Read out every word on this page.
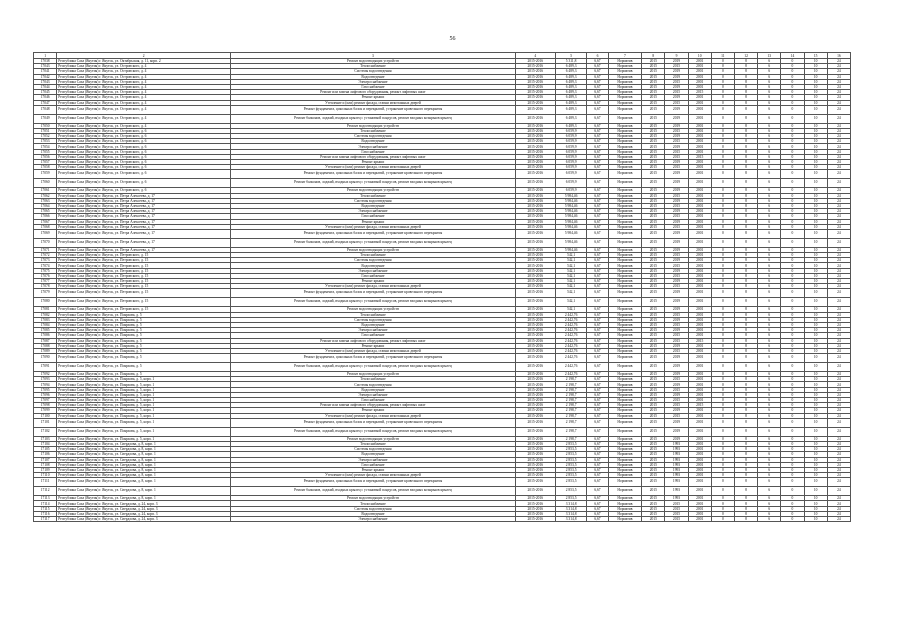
56
1	2	3	4	5	6	7	8	9	10	11	12	13	14	15	16
17038	Республика Саха (Якутия) г. Якутск, ул. Октябрьская, д. 11, корп. 2	Ремонт водоотводящих устройств	2015-2016	5 311,8	6,67	Норматив	2015	2019	2001	0	8	6	0	10	24
17043	Республика Саха (Якутия) г. Якутск, ул. Островского, д. 4	Теплоснабжение	2015-2016	6 489,3	6,67	Норматив	2015	2015	2001	0	8	6	0	10	24
17041	Республика Саха (Якутия) г. Якутск, ул. Островского, д. 4	Системы водоотведения	2015-2016	6 489,3	6,67	Норматив	2015	2019	2001	0	8	6	0	10	24
17042	Республика Саха (Якутия) г. Якутск, ул. Островского, д. 4	Водоотведение	2015-2016	6 489,3	6,67	Норматив	2015	2019	2001	0	8	6	0	10	24
17043	Республика Саха (Якутия) г. Якутск, ул. Островского, д. 4	Электроснабжение	2015-2016	6 489,3	6,67	Норматив	2015	2015	2001	0	8	6	0	10	24
17044	Республика Саха (Якутия) г. Якутск, ул. Островского, д. 4	Газоснабжение	2015-2016	6 489,3	6,67	Норматив	2015	2019	2001	0	8	6	0	10	24
17045	Республика Саха (Якутия) г. Якутск, ул. Островского, д. 4	Ремонт или замена лифтового оборудования, ремонт лифтовых шахт	2015-2016	6 489,3	6,67	Норматив	2015	2015	2015	0	8	6	0	10	24
17046	Республика Саха (Якутия) г. Якутск, ул. Островского, д. 4	Ремонт крыши	2015-2016	6 489,3	6,67	Норматив	2015	2019	2001	0	8	6	0	10	24
17047	Республика Саха (Якутия) г. Якутск, ул. Островского, д. 4	Утепление и (или) ремонт фасада, ставни межэтажных дверей	2015-2016	6 489,3	6,67	Норматив	2015	2015	2001	0	8	6	0	10	24
17048	Республика Саха (Якутия) г. Якутск, ул. Островского, д. 4	Ремонт фундамента, цокольных балок и перекрытий, устранение кровельного перекрытия	2015-2016	6 489,3	6,67	Норматив	2015	2019	2001	0	8	6	0	10	24
17049	Республика Саха (Якутия) г. Якутск, ул. Островского, д. 4	Ремонт балконов, лоджий, входных крылец с установкой пандусов, ремонт входных козырьков крылец	2015-2016	6 489,3	6,67	Норматив	2015	2019	2001	0	8	6	0	10	24
17050	Республика Саха (Якутия) г. Якутск, ул. Островского, д. 4	Ремонт водоотводящих устройств	2015-2016	6 489,3	6,67	Норматив	2015	2019	2001	0	8	6	0	10	24
17051	Республика Саха (Якутия) г. Якутск, ул. Островского, д. 6	Теплоснабжение	2015-2016	6 059,9	6,67	Норматив	2015	2015	2001	0	8	6	0	10	24
17052	Республика Саха (Якутия) г. Якутск, ул. Островского, д. 6	Системы водоотведения	2015-2016	6 059,9	6,67	Норматив	2015	2019	2001	0	8	6	0	10	24
17053	Республика Саха (Якутия) г. Якутск, ул. Островского, д. 6	Водоотведение	2015-2016	6 059,9	6,67	Норматив	2015	2015	2001	0	8	6	0	10	24
17054	Республика Саха (Якутия) г. Якутск, ул. Островского, д. 6	Электроснабжение	2015-2016	6 059,9	6,67	Норматив	2015	2019	2001	0	8	6	0	10	24
17055	Республика Саха (Якутия) г. Якутск, ул. Островского, д. 6	Газоснабжение	2015-2016	6 059,9	6,67	Норматив	2015	2015	2001	0	8	6	0	10	24
17056	Республика Саха (Якутия) г. Якутск, ул. Островского, д. 6	Ремонт или замена лифтового оборудования, ремонт лифтовых шахт	2015-2016	6 059,9	6,67	Норматив	2015	2015	2015	0	8	6	0	10	24
17057	Республика Саха (Якутия) г. Якутск, ул. Островского, д. 6	Ремонт крыши	2015-2016	6 059,9	6,67	Норматив	2015	2019	2001	0	8	6	0	10	24
17058	Республика Саха (Якутия) г. Якутск, ул. Островского, д. 6	Утепление и (или) ремонт фасада, ставни межэтажных дверей	2015-2016	6 059,9	6,67	Норматив	2015	2015	2001	0	8	6	0	10	24
17059	Республика Саха (Якутия) г. Якутск, ул. Островского, д. 6	Ремонт фундамента, цокольных балок и перекрытий, устранение кровельного перекрытия	2015-2016	6 059,9	6,67	Норматив	2015	2019	2001	0	8	6	0	10	24
17060	Республика Саха (Якутия) г. Якутск, ул. Островского, д. 6	Ремонт балконов, лоджий, входных крылец с установкой пандусов, ремонт входных козырьков крылец	2015-2016	6 059,9	6,67	Норматив	2015	2019	2001	0	8	6	0	10	24
17061	Республика Саха (Якутия) г. Якутск, ул. Островского, д. 6	Ремонт водоотводящих устройств	2015-2016	6 059,9	6,67	Норматив	2015	2019	2001	0	8	6	0	10	24
17062	Республика Саха (Якутия) г. Якутск, ул. Петра Алексеева, д. 17	Теплоснабжение	2015-2016	5 984,46	6,67	Норматив	2015	2015	2001	0	8	6	0	10	24
17063	Республика Саха (Якутия) г. Якутск, ул. Петра Алексеева, д. 17	Системы водоотведения	2015-2016	5 984,46	6,67	Норматив	2015	2019	2001	0	8	6	0	10	24
17064	Республика Саха (Якутия) г. Якутск, ул. Петра Алексеева, д. 17	Водоотведение	2015-2016	5 984,46	6,67	Норматив	2015	2015	2001	0	8	6	0	10	24
17065	Республика Саха (Якутия) г. Якутск, ул. Петра Алексеева, д. 17	Электроснабжение	2015-2016	5 984,46	6,67	Норматив	2015	2019	2001	0	8	6	0	10	24
17066	Республика Саха (Якутия) г. Якутск, ул. Петра Алексеева, д. 17	Газоснабжение	2015-2016	5 984,46	6,67	Норматив	2015	2015	2001	0	8	6	0	10	24
17067	Республика Саха (Якутия) г. Якутск, ул. Петра Алексеева, д. 17	Ремонт крыши	2015-2016	5 984,46	6,67	Норматив	2015	2019	2001	0	8	6	0	10	24
17068	Республика Саха (Якутия) г. Якутск, ул. Петра Алексеева, д. 17	Утепление и (или) ремонт фасада, ставни межэтажных дверей	2015-2016	5 984,46	6,67	Норматив	2015	2015	2001	0	8	6	0	10	24
17069	Республика Саха (Якутия) г. Якутск, ул. Петра Алексеева, д. 17	Ремонт фундамента, цокольных балок и перекрытий, устранение кровельного перекрытия	2015-2016	5 984,46	6,67	Норматив	2015	2019	2001	0	8	6	0	10	24
17070	Республика Саха (Якутия) г. Якутск, ул. Петра Алексеева, д. 17	Ремонт балконов, лоджий, входных крылец с установкой пандусов, ремонт входных козырьков крылец	2015-2016	5 984,46	6,67	Норматив	2015	2019	2001	0	8	6	0	10	24
17071	Республика Саха (Якутия) г. Якутск, ул. Петра Алексеева, д. 17	Ремонт водоотводящих устройств	2015-2016	5 984,46	6,67	Норматив	2015	2019	2001	0	8	6	0	10	24
17072	Республика Саха (Якутия) г. Якутск, ул. Петровского, д. 15	Теплоснабжение	2015-2016	542,1	6,67	Норматив	2015	2015	2001	0	8	6	0	10	24
17073	Республика Саха (Якутия) г. Якутск, ул. Петровского, д. 15	Системы водоотведения	2015-2016	542,1	6,67	Норматив	2015	2019	2001	0	8	6	0	10	24
17074	Республика Саха (Якутия) г. Якутск, ул. Петровского, д. 15	Водоотведение	2015-2016	542,1	6,67	Норматив	2015	2015	2001	0	8	6	0	10	24
17075	Республика Саха (Якутия) г. Якутск, ул. Петровского, д. 15	Электроснабжение	2015-2016	542,1	6,67	Норматив	2015	2019	2001	0	8	6	0	10	24
17076	Республика Саха (Якутия) г. Якутск, ул. Петровского, д. 15	Газоснабжение	2015-2016	542,1	6,67	Норматив	2015	2015	2001	0	8	6	0	10	24
17077	Республика Саха (Якутия) г. Якутск, ул. Петровского, д. 15	Ремонт крыши	2015-2016	542,1	6,67	Норматив	2015	2019	2001	0	8	6	0	10	24
17078	Республика Саха (Якутия) г. Якутск, ул. Петровского, д. 15	Утепление и (или) ремонт фасада, ставни межэтажных дверей	2015-2016	542,1	6,67	Норматив	2015	2015	2001	0	8	6	0	10	24
17079	Республика Саха (Якутия) г. Якутск, ул. Петровского, д. 15	Ремонт фундамента, цокольных балок и перекрытий, устранение кровельного перекрытия	2015-2016	542,1	6,67	Норматив	2015	2019	2001	0	8	6	0	10	24
17080	Республика Саха (Якутия) г. Якутск, ул. Петровского, д. 15	Ремонт балконов, лоджий, входных крылец с установкой пандусов, ремонт входных козырьков крылец	2015-2016	542,1	6,67	Норматив	2015	2019	2001	0	8	6	0	10	24
17081	Республика Саха (Якутия) г. Якутск, ул. Петровского, д. 15	Ремонт водоотводящих устройств	2015-2016	542,1	6,67	Норматив	2015	2019	2001	0	8	6	0	10	24
17082	Республика Саха (Якутия) г. Якутск, ул. Поярхова, д. 5	Теплоснабжение	2015-2016	2 442,76	6,67	Норматив	2015	2015	2001	0	8	6	0	10	24
17083	Республика Саха (Якутия) г. Якутск, ул. Поярхова, д. 5	Системы водоотведения	2015-2016	2 442,76	6,67	Норматив	2015	2019	2001	0	8	6	0	10	24
17084	Республика Саха (Якутия) г. Якутск, ул. Поярхова, д. 5	Водоотведение	2015-2016	2 442,76	6,67	Норматив	2015	2015	2001	0	8	6	0	10	24
17085	Республика Саха (Якутия) г. Якутск, ул. Поярхова, д. 5	Электроснабжение	2015-2016	2 442,76	6,67	Норматив	2015	2019	2001	0	8	6	0	10	24
17086	Республика Саха (Якутия) г. Якутск, ул. Поярхова, д. 5	Газоснабжение	2015-2016	2 442,76	6,67	Норматив	2015	2015	2001	0	8	6	0	10	24
17087	Республика Саха (Якутия) г. Якутск, ул. Поярхова, д. 5	Ремонт или замена лифтового оборудования, ремонт лифтовых шахт	2015-2016	2 442,76	6,67	Норматив	2015	2015	2015	0	8	6	0	10	24
17088	Республика Саха (Якутия) г. Якутск, ул. Поярхова, д. 5	Ремонт крыши	2015-2016	2 442,76	6,67	Норматив	2015	2019	2001	0	8	6	0	10	24
17089	Республика Саха (Якутия) г. Якутск, ул. Поярхова, д. 5	Утепление и (или) ремонт фасада, ставни межэтажных дверей	2015-2016	2 442,76	6,67	Норматив	2015	2015	2001	0	8	6	0	10	24
17090	Республика Саха (Якутия) г. Якутск, ул. Поярхова, д. 5	Ремонт фундамента, цокольных балок и перекрытий, устранение кровельного перекрытия	2015-2016	2 442,76	6,67	Норматив	2015	2019	2001	0	8	6	0	10	24
17091	Республика Саха (Якутия) г. Якутск, ул. Поярхова, д. 5	Ремонт балконов, лоджий, входных крылец с установкой пандусов, ремонт входных козырьков крылец	2015-2016	2 442,76	6,67	Норматив	2015	2019	2001	0	8	6	0	10	24
17092	Республика Саха (Якутия) г. Якутск, ул. Поярхова, д. 5	Ремонт водоотводящих устройств	2015-2016	2 442,76	6,67	Норматив	2015	2019	2001	0	8	6	0	10	24
17093	Республика Саха (Якутия) г. Якутск, ул. Поярхова, д. 5, корп. 1	Теплоснабжение	2015-2016	2 198,7	6,67	Норматив	2015	2015	2001	0	8	6	0	10	24
17094	Республика Саха (Якутия) г. Якутск, ул. Поярхова, д. 5, корп. 1	Системы водоотведения	2015-2016	2 198,7	6,67	Норматив	2015	2019	2001	0	8	6	0	10	24
17095	Республика Саха (Якутия) г. Якутск, ул. Поярхова, д. 5, корп. 1	Водоотведение	2015-2016	2 198,7	6,67	Норматив	2015	2015	2001	0	8	6	0	10	24
17096	Республика Саха (Якутия) г. Якутск, ул. Поярхова, д. 5, корп. 1	Электроснабжение	2015-2016	2 198,7	6,67	Норматив	2015	2019	2001	0	8	6	0	10	24
17097	Республика Саха (Якутия) г. Якутск, ул. Поярхова, д. 5, корп. 1	Газоснабжение	2015-2016	2 198,7	6,67	Норматив	2015	2015	2001	0	8	6	0	10	24
17098	Республика Саха (Якутия) г. Якутск, ул. Поярхова, д. 5, корп. 1	Ремонт или замена лифтового оборудования, ремонт лифтовых шахт	2015-2016	2 198,7	6,67	Норматив	2015	2015	2015	0	8	6	0	10	24
17099	Республика Саха (Якутия) г. Якутск, ул. Поярхова, д. 5, корп. 1	Ремонт крыши	2015-2016	2 198,7	6,67	Норматив	2015	2019	2001	0	8	6	0	10	24
17100	Республика Саха (Якутия) г. Якутск, ул. Поярхова, д. 5, корп. 1	Утепление и (или) ремонт фасада, ставни межэтажных дверей	2015-2016	2 198,7	6,67	Норматив	2015	2015	2001	0	8	6	0	10	24
17101	Республика Саха (Якутия) г. Якутск, ул. Поярхова, д. 5, корп. 1	Ремонт фундамента, цокольных балок и перекрытий, устранение кровельного перекрытия	2015-2016	2 198,7	6,67	Норматив	2015	2019	2001	0	8	6	0	10	24
17102	Республика Саха (Якутия) г. Якутск, ул. Поярхова, д. 5, корп. 1	Ремонт балконов, лоджий, входных крылец с установкой пандусов, ремонт входных козырьков крылец	2015-2016	2 198,7	6,67	Норматив	2015	2019	2001	0	8	6	0	10	24
17103	Республика Саха (Якутия) г. Якутск, ул. Поярхова, д. 5, корп. 1	Ремонт водоотводящих устройств	2015-2016	2 198,7	6,67	Норматив	2015	2019	2001	0	8	6	0	10	24
17104	Республика Саха (Якутия) г. Якутск, ул. Свердлова, д. 8, корп. 1	Теплоснабжение	2015-2016	2 853,5	6,67	Норматив	2015	1993	2001	0	8	6	0	10	24
17105	Республика Саха (Якутия) г. Якутск, ул. Свердлова, д. 8, корп. 1	Системы водоотведения	2015-2016	2 853,5	6,67	Норматив	2015	1993	2001	0	8	6	0	10	24
17106	Республика Саха (Якутия) г. Якутск, ул. Свердлова, д. 8, корп. 1	Водоотведение	2015-2016	2 853,5	6,67	Норматив	2015	1993	2001	0	8	6	0	10	24
17107	Республика Саха (Якутия) г. Якутск, ул. Свердлова, д. 8, корп. 1	Электроснабжение	2015-2016	2 853,5	6,67	Норматив	2015	1993	2001	0	8	6	0	10	24
17108	Республика Саха (Якутия) г. Якутск, ул. Свердлова, д. 8, корп. 1	Газоснабжение	2015-2016	2 853,5	6,67	Норматив	2015	1993	2001	0	8	6	0	10	24
17109	Республика Саха (Якутия) г. Якутск, ул. Свердлова, д. 8, корп. 1	Ремонт крыши	2015-2016	2 853,5	6,67	Норматив	2015	1993	2001	0	8	6	0	10	24
17110	Республика Саха (Якутия) г. Якутск, ул. Свердлова, д. 8, корп. 1	Утепление и (или) ремонт фасада, ставни межэтажных дверей	2015-2016	2 853,5	6,67	Норматив	2015	1993	2001	0	8	6	0	10	24
17111	Республика Саха (Якутия) г. Якутск, ул. Свердлова, д. 8, корп. 1	Ремонт фундамента, цокольных балок и перекрытий, устранение кровельного перекрытия	2015-2016	2 853,5	6,67	Норматив	2015	1993	2001	0	8	6	0	10	24
17112	Республика Саха (Якутия) г. Якутск, ул. Свердлова, д. 8, корп. 1	Ремонт балконов, лоджий, входных крылец с установкой пандусов, ремонт входных козырьков крылец	2015-2016	2 853,5	6,67	Норматив	2015	1993	2001	0	8	6	0	10	24
17113	Республика Саха (Якутия) г. Якутск, ул. Свердлова, д. 8, корп. 1	Ремонт водоотводящих устройств	2015-2016	2 853,5	6,67	Норматив	2015	1993	2001	0	8	6	0	10	24
17114	Республика Саха (Якутия) г. Якутск, ул. Свердлова, д. 24, корп. 3	Теплоснабжение	2015-2016	3 314,8	6,67	Норматив	2015	2015	2001	0	8	6	0	10	24
17115	Республика Саха (Якутия) г. Якутск, ул. Свердлова, д. 24, корп. 3	Системы водоотведения	2015-2016	3 314,8	6,67	Норматив	2015	2015	2001	0	8	6	0	10	24
17116	Республика Саха (Якутия) г. Якутск, ул. Свердлова, д. 24, корп. 3	Водоотведение	2015-2016	3 314,8	6,67	Норматив	2015	2015	2001	0	8	6	0	10	24
17117	Республика Саха (Якутия) г. Якутск, ул. Свердлова, д. 24, корп. 3	Электроснабжение	2015-2016	3 314,8	6,67	Норматив	2015	2015	2001	0	8	6	0	10	24
